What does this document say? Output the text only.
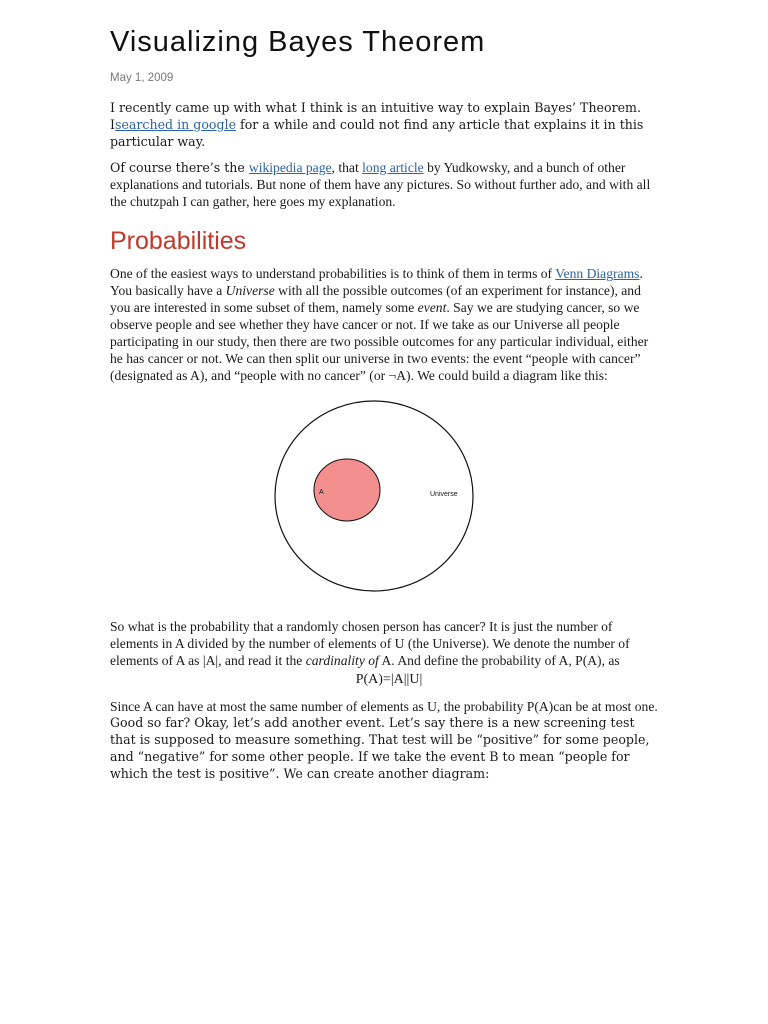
Visualizing Bayes Theorem
May 1, 2009

I recently came up with what I think is an intuitive way to explain Bayes’ Theorem. Isearched in google for a while and could not find any article that explains it in this particular way.

Of course there’s the wikipedia page, that long article by Yudkowsky, and a bunch of other explanations and tutorials. But none of them have any pictures. So without further ado, and with all the chutzpah I can gather, here goes my explanation.

Probabilities

One of the easiest ways to understand probabilities is to think of them in terms of Venn Diagrams. You basically have a Universe with all the possible outcomes (of an experiment for instance), and you are interested in some subset of them, namely some event. Say we are studying cancer, so we observe people and see whether they have cancer or not. If we take as our Universe all people participating in our study, then there are two possible outcomes for any particular individual, either he has cancer or not. We can then split our universe in two events: the event “people with cancer” (designated as A), and “people with no cancer” (or ¬A). We could build a diagram like this:

A	Universe

So what is the probability that a randomly chosen person has cancer? It is just the number of elements in A divided by the number of elements of U (the Universe). We denote the number of elements of A as |A|, and read it the cardinality of A. And define the probability of A, P(A), as

P(A)=|A||U|

Since A can have at most the same number of elements as U, the probability P(A)can be at most one.

Good so far? Okay, let’s add another event. Let’s say there is a new screening test that is supposed to measure something. That test will be “positive” for some people, and “negative” for some other people. If we take the event B to mean “people for which the test is positive”. We can create another diagram:
